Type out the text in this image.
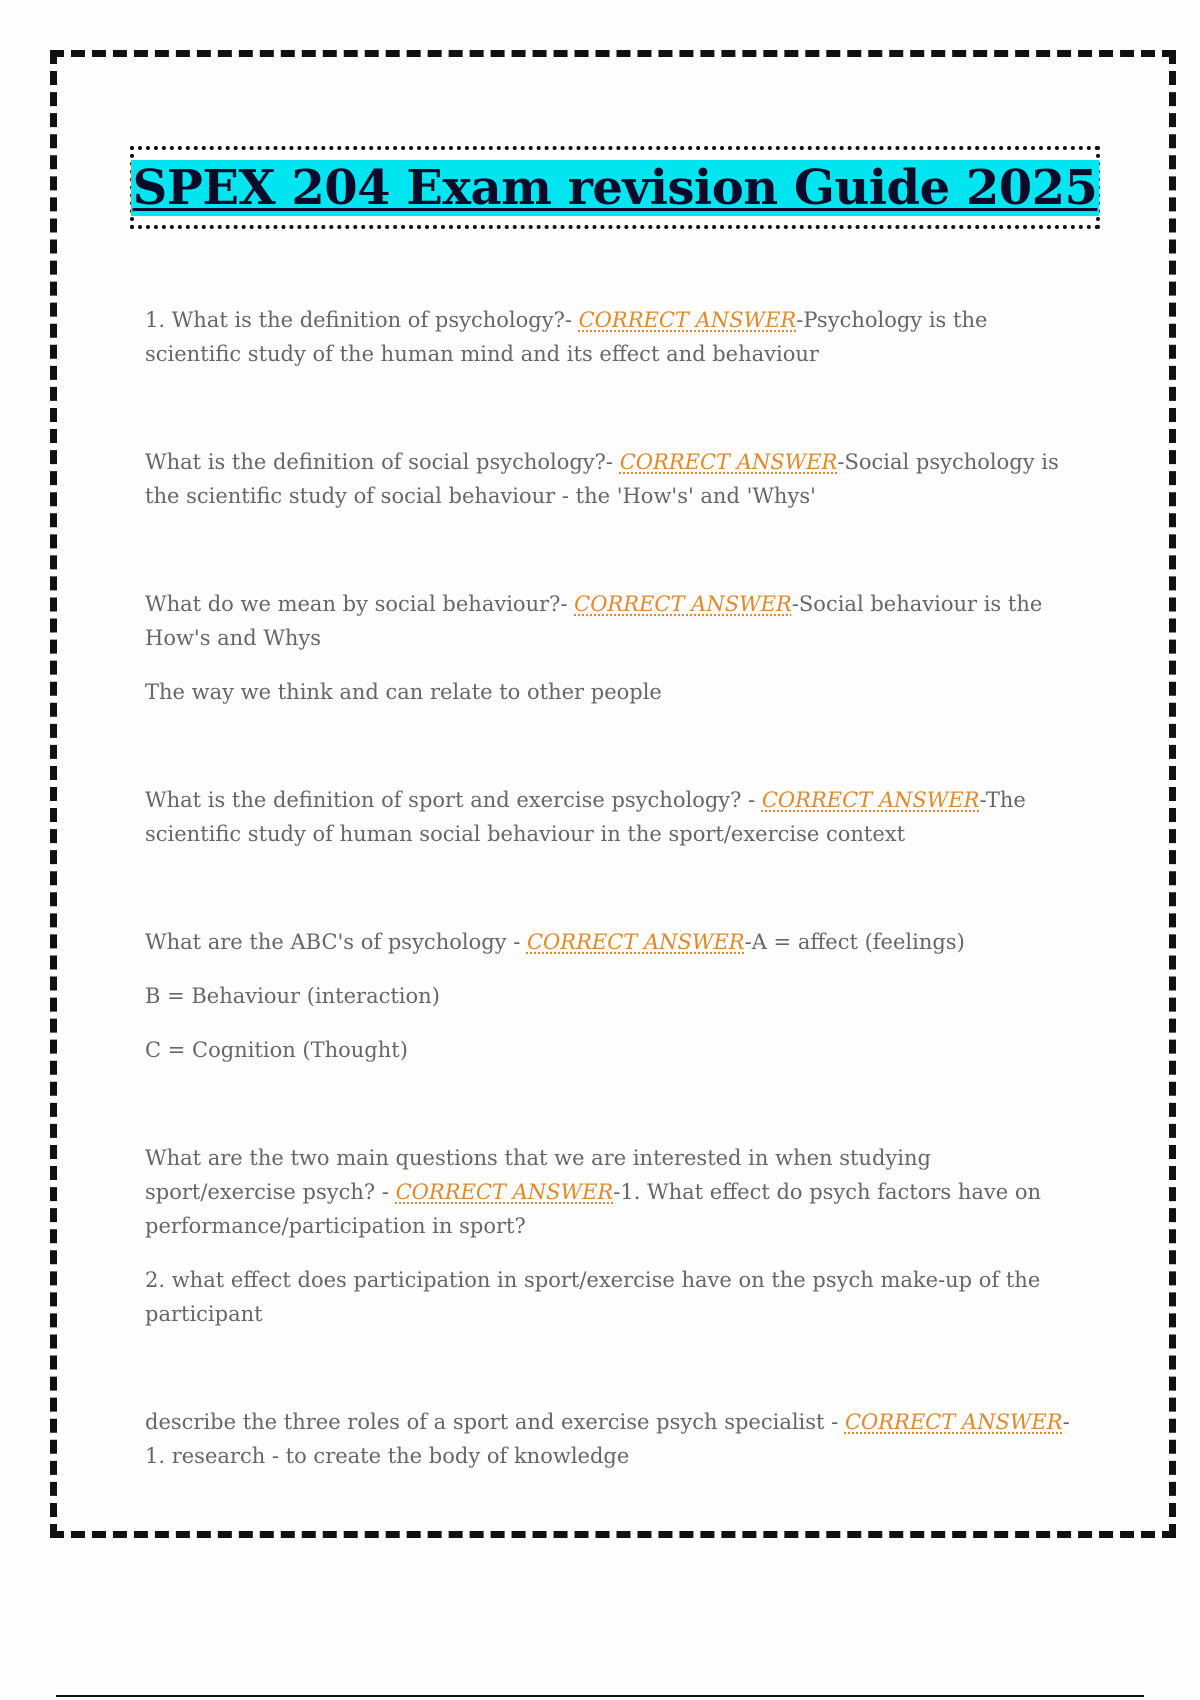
SPEX 204 Exam revision Guide 2025

1. What is the definition of psychology?- CORRECT ANSWER-Psychology is the scientific study of the human mind and its effect and behaviour

What is the definition of social psychology?- CORRECT ANSWER-Social psychology is the scientific study of social behaviour - the 'How's' and 'Whys'

What do we mean by social behaviour?- CORRECT ANSWER-Social behaviour is the How's and Whys

The way we think and can relate to other people

What is the definition of sport and exercise psychology? - CORRECT ANSWER-The scientific study of human social behaviour in the sport/exercise context

What are the ABC's of psychology - CORRECT ANSWER-A = affect (feelings)

B = Behaviour (interaction)

C = Cognition (Thought)

What are the two main questions that we are interested in when studying sport/exercise psych? - CORRECT ANSWER-1. What effect do psych factors have on performance/participation in sport?

2. what effect does participation in sport/exercise have on the psych make-up of the participant

describe the three roles of a sport and exercise psych specialist - CORRECT ANSWER-1. research - to create the body of knowledge
